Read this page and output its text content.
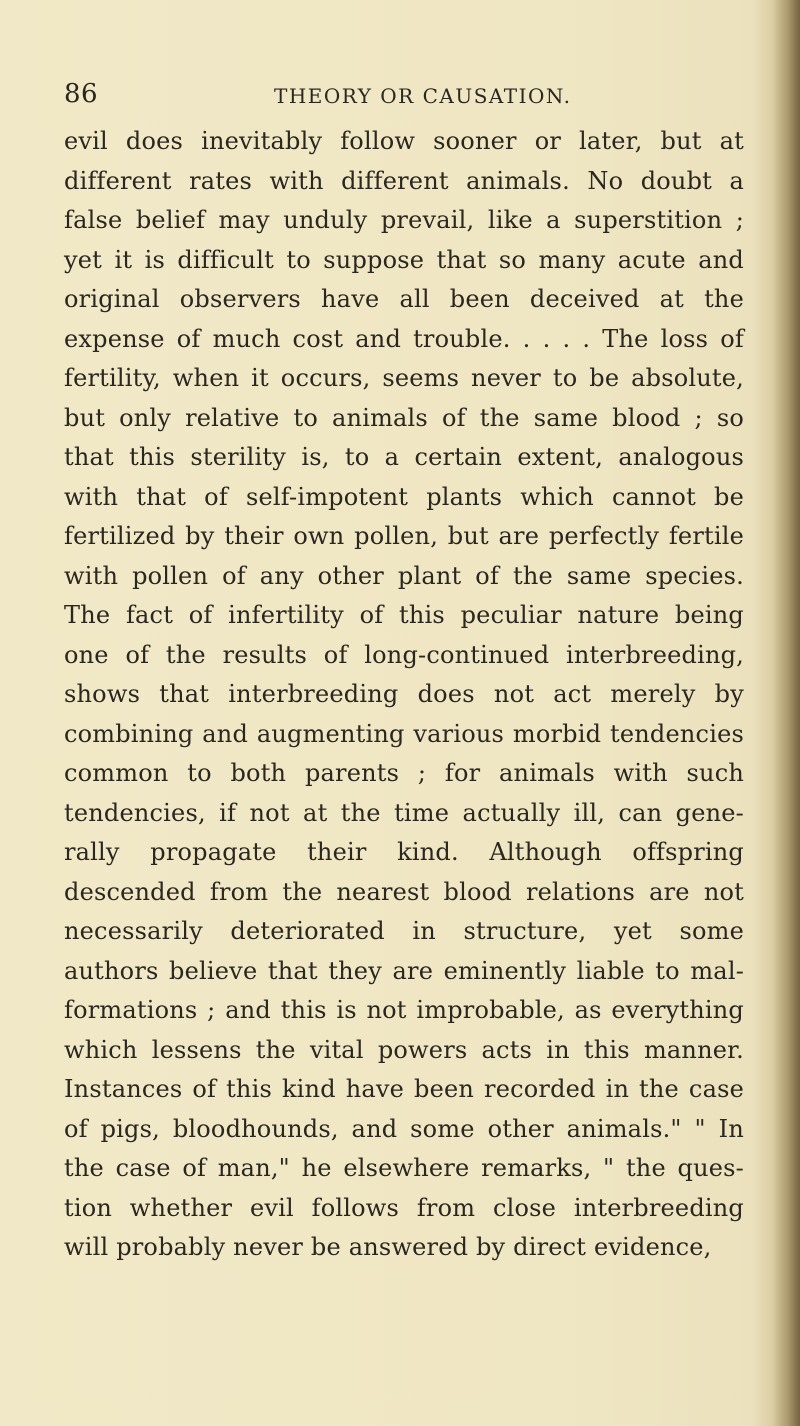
86	THEORY OR CAUSATION.
evil does inevitably follow sooner or later, but at
different rates with different animals. No doubt a
false belief may unduly prevail, like a superstition ;
yet it is difficult to suppose that so many acute and
original observers have all been deceived at the
expense of much cost and trouble. . . . . The loss of
fertility, when it occurs, seems never to be absolute,
but only relative to animals of the same blood ; so
that this sterility is, to a certain extent, analogous
with that of self-impotent plants which cannot be
fertilized by their own pollen, but are perfectly fertile
with pollen of any other plant of the same species.
The fact of infertility of this peculiar nature being
one of the results of long-continued interbreeding,
shows that interbreeding does not act merely by
combining and augmenting various morbid tendencies
common to both parents ; for animals with such
tendencies, if not at the time actually ill, can gene-
rally propagate their kind. Although offspring
descended from the nearest blood relations are not
necessarily deteriorated in structure, yet some
authors believe that they are eminently liable to mal-
formations ; and this is not improbable, as everything
which lessens the vital powers acts in this manner.
Instances of this kind have been recorded in the case
of pigs, bloodhounds, and some other animals." " In
the case of man," he elsewhere remarks, " the ques-
tion whether evil follows from close interbreeding
will probably never be answered by direct evidence,
